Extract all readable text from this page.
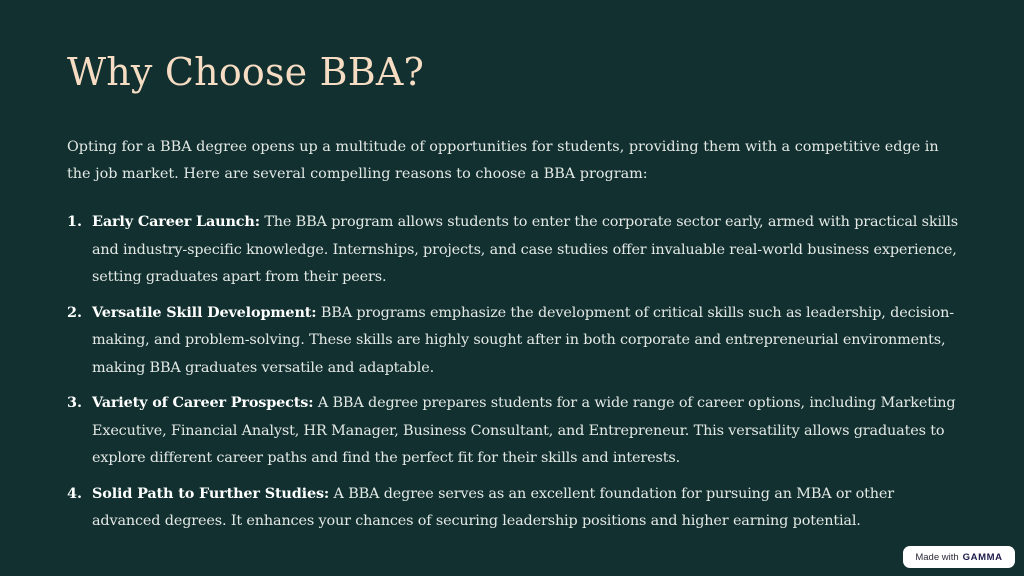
Why Choose BBA?

Opting for a BBA degree opens up a multitude of opportunities for students, providing them with a competitive edge in the job market. Here are several compelling reasons to choose a BBA program:

1. Early Career Launch: The BBA program allows students to enter the corporate sector early, armed with practical skills and industry-specific knowledge. Internships, projects, and case studies offer invaluable real-world business experience, setting graduates apart from their peers.
2. Versatile Skill Development: BBA programs emphasize the development of critical skills such as leadership, decision-making, and problem-solving. These skills are highly sought after in both corporate and entrepreneurial environments, making BBA graduates versatile and adaptable.
3. Variety of Career Prospects: A BBA degree prepares students for a wide range of career options, including Marketing Executive, Financial Analyst, HR Manager, Business Consultant, and Entrepreneur. This versatility allows graduates to explore different career paths and find the perfect fit for their skills and interests.
4. Solid Path to Further Studies: A BBA degree serves as an excellent foundation for pursuing an MBA or other advanced degrees. It enhances your chances of securing leadership positions and higher earning potential.
Made with GAMMA
